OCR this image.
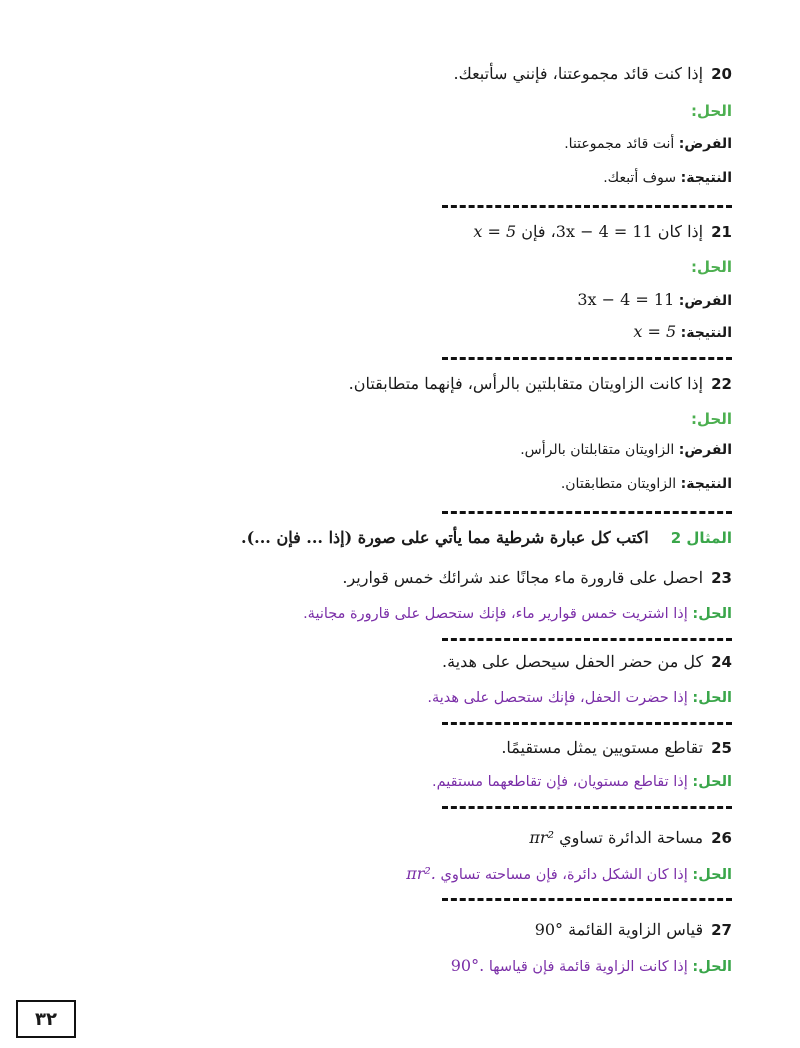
20إذا كنت قائد مجموعتنا، فإنني سأتبعك.
الحل:
الفرض: أنت قائد مجموعتنا.
النتيجة: سوف أتبعك.
21إذا كان 3x − 4 = 11، فإن x = 5
الحل:
الفرض: 3x − 4 = 11
النتيجة: x = 5
22إذا كانت الزاويتان متقابلتين بالرأس، فإنهما متطابقتان.
الحل:
الفرض: الزاويتان متقابلتان بالرأس.
النتيجة: الزاويتان متطابقتان.
المثال 2اكتب كل عبارة شرطية مما يأتي على صورة (إذا ... فإن ...).
23احصل على قارورة ماء مجانًا عند شرائك خمس قوارير.
الحل: إذا اشتريت خمس قوارير ماء، فإنك ستحصل على قارورة مجانية.
24كل من حضر الحفل سيحصل على هدية.
الحل: إذا حضرت الحفل، فإنك ستحصل على هدية.
25تقاطع مستويين يمثل مستقيمًا.
الحل: إذا تقاطع مستويان، فإن تقاطعهما مستقيم.
26مساحة الدائرة تساوي πr²
الحل: إذا كان الشكل دائرة، فإن مساحته تساوي πr².
27قياس الزاوية القائمة 90°
الحل: إذا كانت الزاوية قائمة فإن قياسها 90°.
٣٢
